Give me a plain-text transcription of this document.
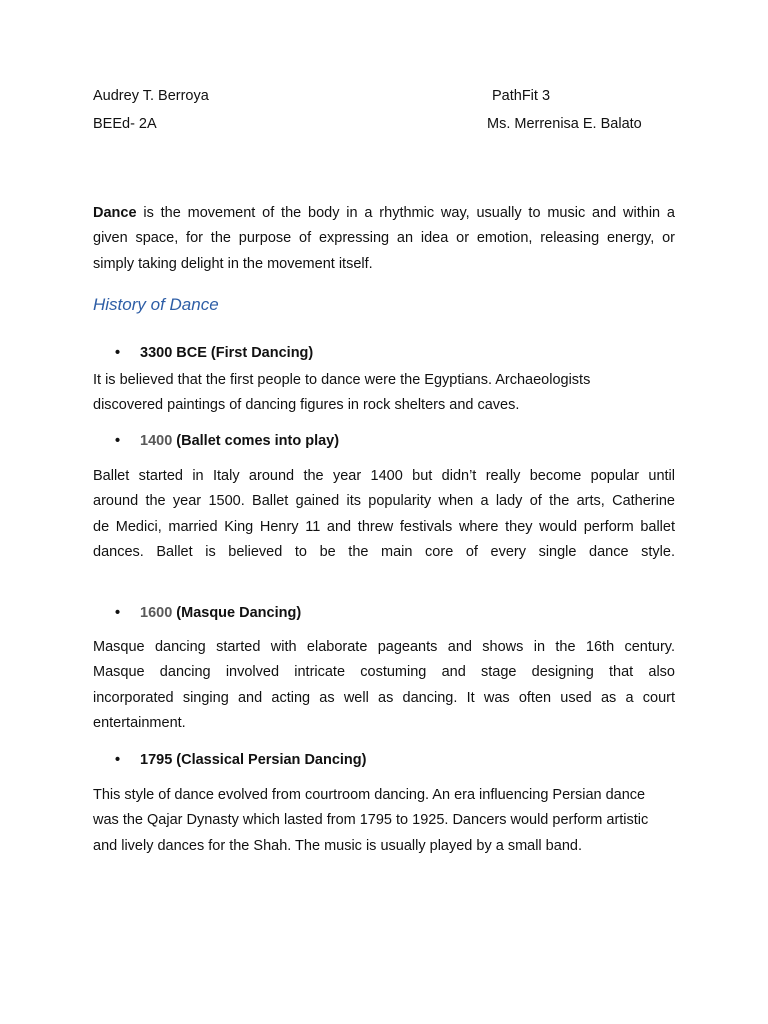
Audrey T. Berroya	PathFit 3
BEEd- 2A	Ms. Merrenisa E. Balato
Dance is the movement of the body in a rhythmic way, usually to music and within a
given space, for the purpose of expressing an idea or emotion, releasing energy, or
simply taking delight in the movement itself.
History of Dance
• 3300 BCE (First Dancing)
It is believed that the first people to dance were the Egyptians. Archaeologists
discovered paintings of dancing figures in rock shelters and caves.
• 1400 (Ballet comes into play)
Ballet started in Italy around the year 1400 but didn’t really become popular until
around the year 1500. Ballet gained its popularity when a lady of the arts, Catherine
de Medici, married King Henry 11 and threw festivals where they would perform ballet
dances. Ballet is believed to be the main core of every single dance style.
• 1600 (Masque Dancing)
Masque dancing started with elaborate pageants and shows in the 16th century.
Masque dancing involved intricate costuming and stage designing that also
incorporated singing and acting as well as dancing. It was often used as a court
entertainment.
• 1795 (Classical Persian Dancing)
This style of dance evolved from courtroom dancing. An era influencing Persian dance
was the Qajar Dynasty which lasted from 1795 to 1925. Dancers would perform artistic
and lively dances for the Shah. The music is usually played by a small band.
